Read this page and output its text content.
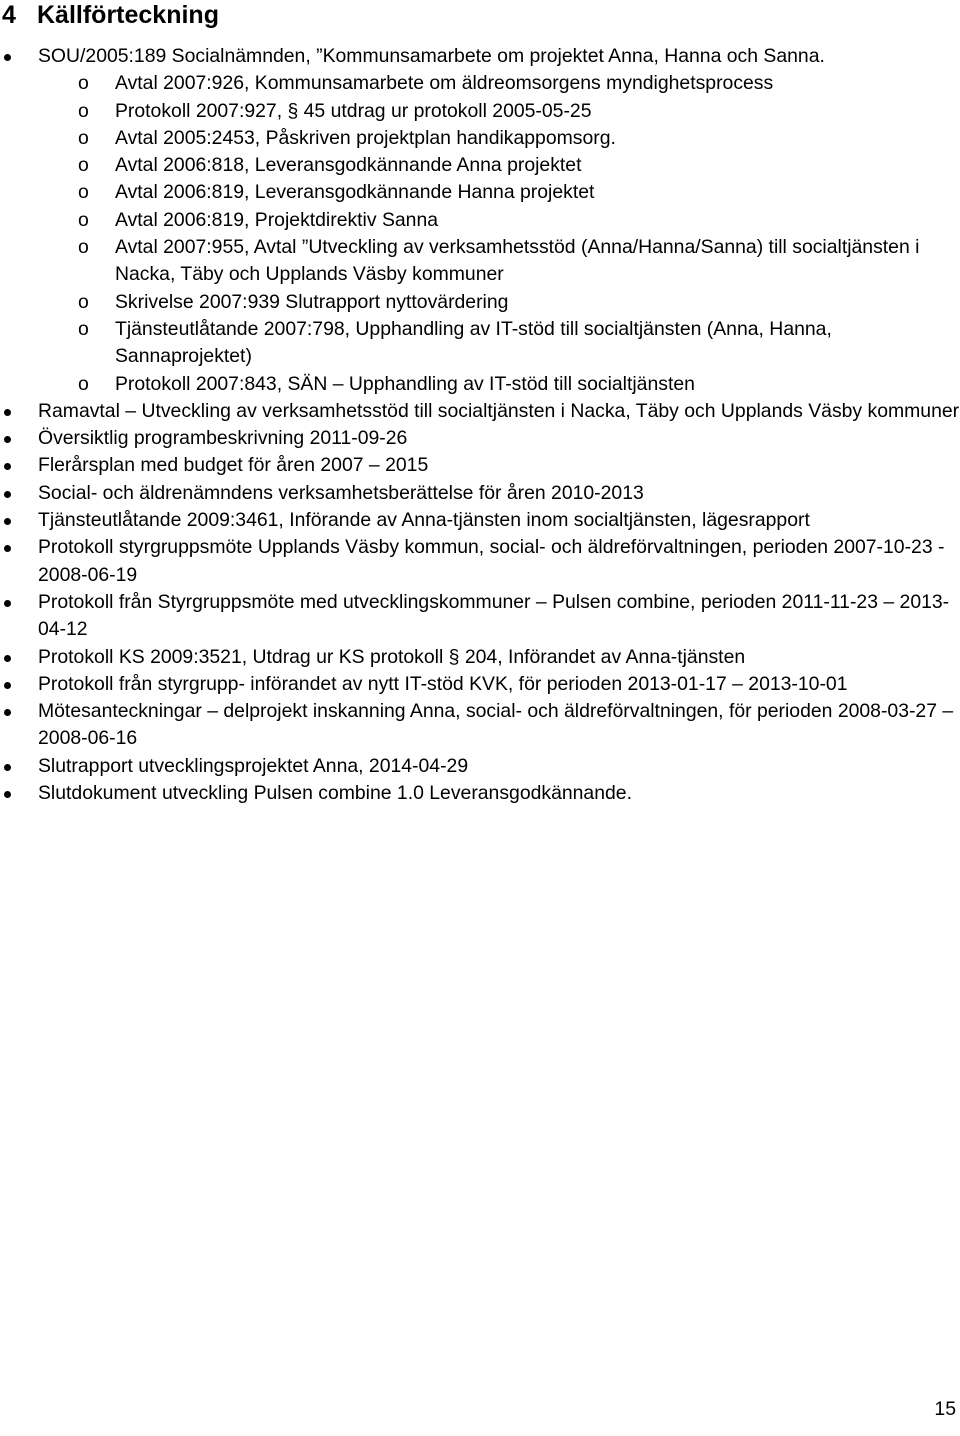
4 Källförteckning
SOU/2005:189 Socialnämnden, ”Kommunsamarbete om projektet Anna, Hanna och Sanna.
o Avtal 2007:926, Kommunsamarbete om äldreomsorgens myndighetsprocess
o Protokoll 2007:927, § 45 utdrag ur protokoll 2005-05-25
o Avtal 2005:2453, Påskriven projektplan handikappomsorg.
o Avtal 2006:818, Leveransgodkännande Anna projektet
o Avtal 2006:819, Leveransgodkännande Hanna projektet
o Avtal 2006:819, Projektdirektiv Sanna
o Avtal 2007:955, Avtal ”Utveckling av verksamhetsstöd (Anna/Hanna/Sanna) till socialtjänsten i Nacka, Täby och Upplands Väsby kommuner
o Skrivelse 2007:939 Slutrapport nyttovärdering
o Tjänsteutlåtande 2007:798, Upphandling av IT-stöd till socialtjänsten (Anna, Hanna, Sannaprojektet)
o Protokoll 2007:843, SÄN – Upphandling av IT-stöd till socialtjänsten
Ramavtal – Utveckling av verksamhetsstöd till socialtjänsten i Nacka, Täby och Upplands Väsby kommuner
Översiktlig programbeskrivning 2011-09-26
Flerårsplan med budget för åren 2007 – 2015
Social- och äldrenämndens verksamhetsberättelse för åren 2010-2013
Tjänsteutlåtande 2009:3461, Införande av Anna-tjänsten inom socialtjänsten, lägesrapport
Protokoll styrgruppsmöte Upplands Väsby kommun, social- och äldreförvaltningen, perioden 2007-10-23 - 2008-06-19
Protokoll från Styrgruppsmöte med utvecklingskommuner – Pulsen combine, perioden 2011-11-23 – 2013-04-12
Protokoll KS 2009:3521, Utdrag ur KS protokoll § 204, Införandet av Anna-tjänsten
Protokoll från styrgrupp- införandet av nytt IT-stöd KVK, för perioden 2013-01-17 – 2013-10-01
Mötesanteckningar – delprojekt inskanning Anna, social- och äldreförvaltningen, för perioden 2008-03-27 – 2008-06-16
Slutrapport utvecklingsprojektet Anna, 2014-04-29
Slutdokument utveckling Pulsen combine 1.0 Leveransgodkännande.
15
